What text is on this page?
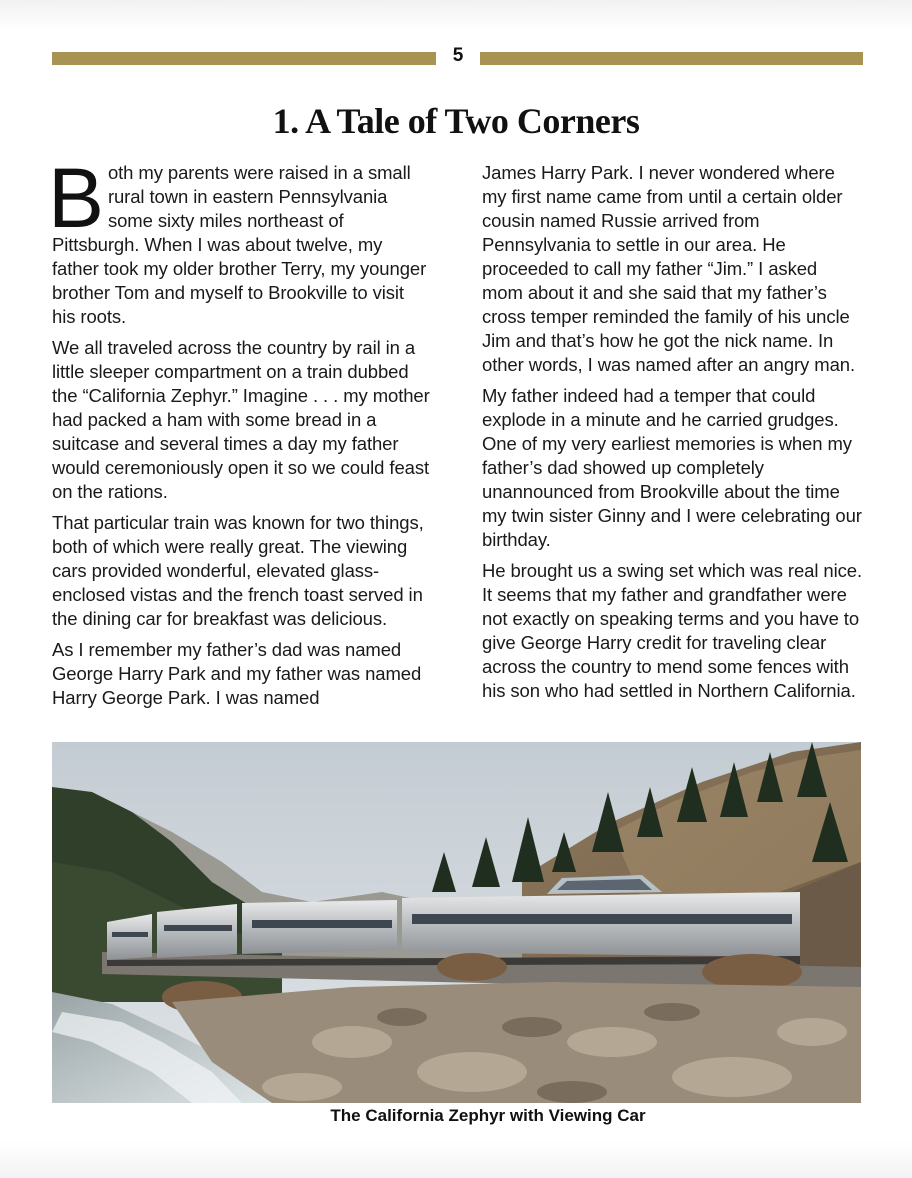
5
1. A Tale of Two Corners

Both my parents were raised in a small rural town in eastern Pennsylvania some sixty miles northeast of Pittsburgh. When I was about twelve, my father took my older brother Terry, my younger brother Tom and myself to Brookville to visit his roots.

We all traveled across the country by rail in a little sleeper compartment on a train dubbed the “California Zephyr.” Imagine . . . my mother had packed a ham with some bread in a suitcase and several times a day my father would ceremoniously open it so we could feast on the rations.

That particular train was known for two things, both of which were really great. The viewing cars provided wonderful, elevated glass-enclosed vistas and the french toast served in the dining car for breakfast was delicious.

As I remember my father’s dad was named George Harry Park and my father was named Harry George Park. I was named

James Harry Park. I never wondered where my first name came from until a certain older cousin named Russie arrived from Pennsylvania to settle in our area. He proceeded to call my father “Jim.” I asked mom about it and she said that my father’s cross temper reminded the family of his uncle Jim and that’s how he got the nick name. In other words, I was named after an angry man.

My father indeed had a temper that could explode in a minute and he carried grudges. One of my very earliest memories is when my father’s dad showed up completely unannounced from Brookville about the time my twin sister Ginny and I were celebrating our birthday.

He brought us a swing set which was real nice. It seems that my father and grandfather were not exactly on speaking terms and you have to give George Harry credit for traveling clear across the country to mend some fences with his son who had settled in Northern California.

The California Zephyr with Viewing Car
